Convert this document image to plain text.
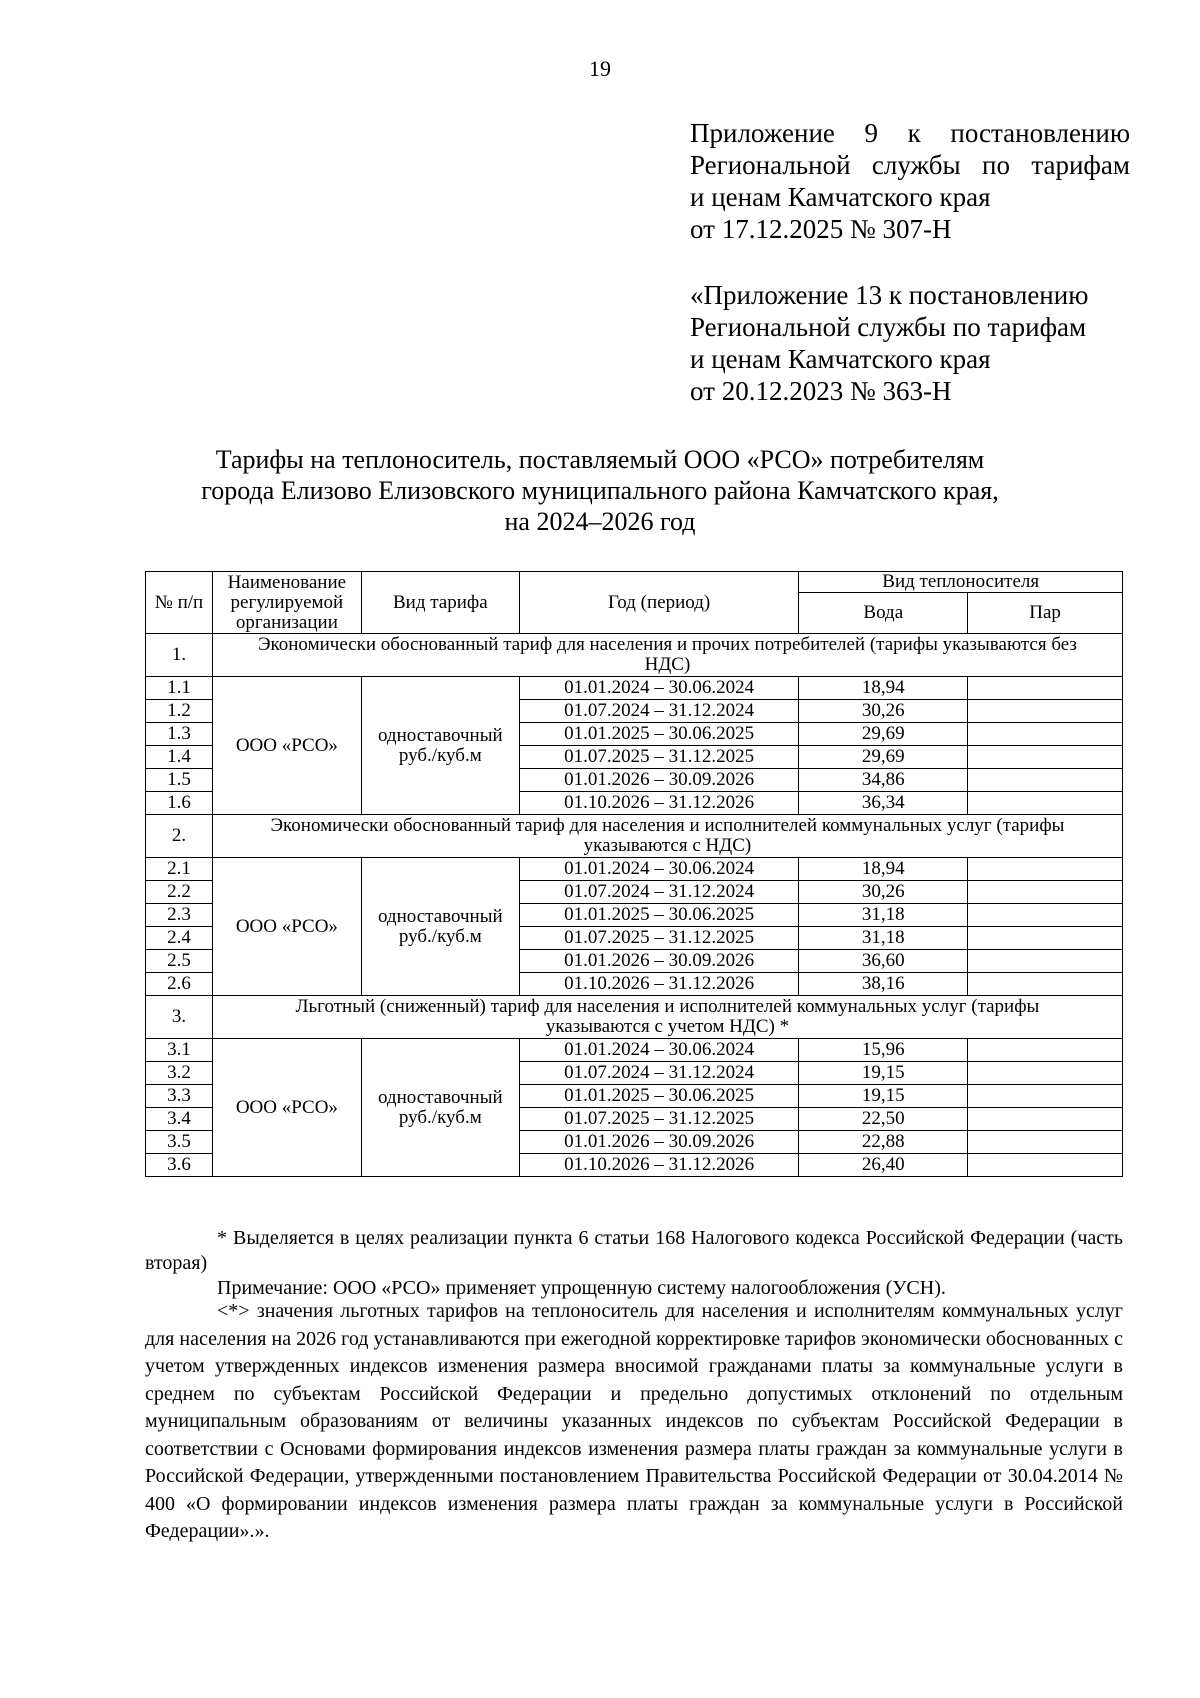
19
Приложение 9 к постановлению
Региональной службы по тарифам
и ценам Камчатского края
от 17.12.2025 № 307-Н
«Приложение 13 к постановлению
Региональной службы по тарифам
и ценам Камчатского края
от 20.12.2023 № 363-Н
Тарифы на теплоноситель, поставляемый ООО «РСО» потребителям
города Елизово Елизовского муниципального района Камчатского края,
на 2024–2026 год
№ п/п	Наименование регулируемой организации	Вид тарифа	Год (период)	Вид теплоносителя	
				Вода	Пар
1.	Экономически обоснованный тариф для населения и прочих потребителей (тарифы указываются без НДС)				
1.1	ООО «РСО»	одноставочный руб./куб.м	01.01.2024 – 30.06.2024	18,94	
1.2			01.07.2024 – 31.12.2024	30,26	
1.3			01.01.2025 – 30.06.2025	29,69	
1.4			01.07.2025 – 31.12.2025	29,69	
1.5			01.01.2026 – 30.09.2026	34,86	
1.6			01.10.2026 – 31.12.2026	36,34	
2.	Экономически обоснованный тариф для населения и исполнителей коммунальных услуг (тарифы указываются с НДС)				
2.1	ООО «РСО»	одноставочный руб./куб.м	01.01.2024 – 30.06.2024	18,94	
2.2			01.07.2024 – 31.12.2024	30,26	
2.3			01.01.2025 – 30.06.2025	31,18	
2.4			01.07.2025 – 31.12.2025	31,18	
2.5			01.01.2026 – 30.09.2026	36,60	
2.6			01.10.2026 – 31.12.2026	38,16	
3.	Льготный (сниженный) тариф для населения и исполнителей коммунальных услуг (тарифы указываются с учетом НДС) *				
3.1	ООО «РСО»	одноставочный руб./куб.м	01.01.2024 – 30.06.2024	15,96	
3.2			01.07.2024 – 31.12.2024	19,15	
3.3			01.01.2025 – 30.06.2025	19,15	
3.4			01.07.2025 – 31.12.2025	22,50	
3.5			01.01.2026 – 30.09.2026	22,88	
3.6			01.10.2026 – 31.12.2026	26,40	

* Выделяется в целях реализации пункта 6 статьи 168 Налогового кодекса Российской Федерации (часть вторая)

Примечание: ООО «РСО» применяет упрощенную систему налогообложения (УСН).

<*> значения льготных тарифов на теплоноситель для населения и исполнителям коммунальных услуг для населения на 2026 год устанавливаются при ежегодной корректировке тарифов экономически обоснованных с учетом утвержденных индексов изменения размера вносимой гражданами платы за коммунальные услуги в среднем по субъектам Российской Федерации и предельно допустимых отклонений по отдельным муниципальным образованиям от величины указанных индексов по субъектам Российской Федерации в соответствии с Основами формирования индексов изменения размера платы граждан за коммунальные услуги в Российской Федерации, утвержденными постановлением Правительства Российской Федерации от 30.04.2014 № 400 «О формировании индексов изменения размера платы граждан за коммунальные услуги в Российской Федерации».».
